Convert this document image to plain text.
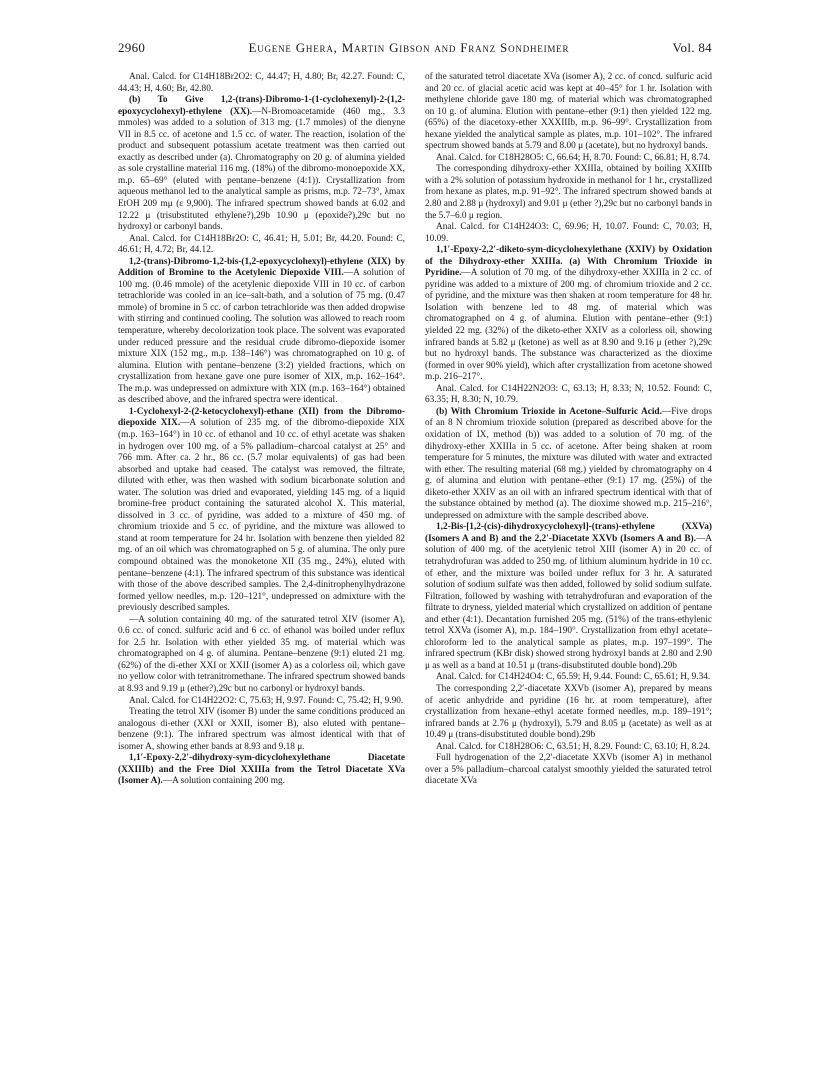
2960	Eugene Ghera, Martin Gibson and Franz Sondheimer	Vol. 84

Anal. Calcd. for C14H18Br2O2: C, 44.47; H, 4.80; Br, 42.27. Found: C, 44.43; H, 4.60; Br, 42.80.

(b) To Give 1,2-(trans)-Dibromo-1-(1-cyclohexenyl)-2-(1,2-epoxycyclohexyl)-ethylene (XX).—N-Bromoacetamide (460 mg., 3.3 mmoles) was added to a solution of 313 mg. (1.7 mmoles) of the dienyne VII in 8.5 cc. of acetone and 1.5 cc. of water. The reaction, isolation of the product and subsequent potassium acetate treatment was then carried out exactly as described under (a). Chromatography on 20 g. of alumina yielded as sole crystalline material 116 mg. (18%) of the dibromo-monoepoxide XX, m.p. 65–69° (eluted with pentane–benzene (4:1)). Crystallization from aqueous methanol led to the analytical sample as prisms, m.p. 72–73°, λmax EtOH 209 mμ (ε 9,900). The infrared spectrum showed bands at 6.02 and 12.22 μ (trisubstituted ethylene?),29b 10.90 μ (epoxide?),29c but no hydroxyl or carbonyl bands.

Anal. Calcd. for C14H18Br2O: C, 46.41; H, 5.01; Br, 44.20. Found: C, 46.61; H, 4.72; Br, 44.12.

1,2-(trans)-Dibromo-1,2-bis-(1,2-epoxycyclohexyl)-ethylene (XIX) by Addition of Bromine to the Acetylenic Diepoxide VIII.—A solution of 100 mg. (0.46 mmole) of the acetylenic diepoxide VIII in 10 cc. of carbon tetrachloride was cooled in an ice–salt-bath, and a solution of 75 mg. (0.47 mmole) of bromine in 5 cc. of carbon tetrachloride was then added dropwise with stirring and continued cooling. The solution was allowed to reach room temperature, whereby decolorization took place. The solvent was evaporated under reduced pressure and the residual crude dibromo-diepoxide isomer mixture XIX (152 mg., m.p. 138–146°) was chromatographed on 10 g. of alumina. Elution with pentane–benzene (3:2) yielded fractions, which on crystallization from hexane gave one pure isomer of XIX, m.p. 162–164°. The m.p. was undepressed on admixture with XIX (m.p. 163–164°) obtained as described above, and the infrared spectra were identical.

1-Cyclohexyl-2-(2-ketocyclohexyl)-ethane (XII) from the Dibromo-diepoxide XIX.—A solution of 235 mg. of the dibromo-diepoxide XIX (m.p. 163–164°) in 10 cc. of ethanol and 10 cc. of ethyl acetate was shaken in hydrogen over 100 mg. of a 5% palladium–charcoal catalyst at 25° and 766 mm. After ca. 2 hr., 86 cc. (5.7 molar equivalents) of gas had been absorbed and uptake had ceased. The catalyst was removed, the filtrate, diluted with ether, was then washed with sodium bicarbonate solution and water. The solution was dried and evaporated, yielding 145 mg. of a liquid bromine-free product containing the saturated alcohol X. This material, dissolved in 3 cc. of pyridine, was added to a mixture of 450 mg. of chromium trioxide and 5 cc. of pyridine, and the mixture was allowed to stand at room temperature for 24 hr. Isolation with benzene then yielded 82 mg. of an oil which was chromatographed on 5 g. of alumina. The only pure compound obtained was the monoketone XII (35 mg., 24%), eluted with pentane–benzene (4:1). The infrared spectrum of this substance was identical with those of the above described samples. The 2,4-dinitrophenylhydrazone formed yellow needles, m.p. 120–121°, undepressed on admixture with the previously described samples.

—A solution containing 40 mg. of the saturated tetrol XIV (isomer A), 0.6 cc. of concd. sulfuric acid and 6 cc. of ethanol was boiled under reflux for 2.5 hr. Isolation with ether yielded 35 mg. of material which was chromatographed on 4 g. of alumina. Pentane–benzene (9:1) eluted 21 mg. (62%) of the di-ether XXI or XXII (isomer A) as a colorless oil, which gave no yellow color with tetranitromethane. The infrared spectrum showed bands at 8.93 and 9.19 μ (ether?),29c but no carbonyl or hydroxyl bands.

Anal. Calcd. for C14H22O2: C, 75.63; H, 9.97. Found: C, 75.42; H, 9.90.

Treating the tetrol XIV (isomer B) under the same conditions produced an analogous di-ether (XXI or XXII, isomer B), also eluted with pentane–benzene (9:1). The infrared spectrum was almost identical with that of isomer A, showing ether bands at 8.93 and 9.18 μ.

1,1′-Epoxy-2,2′-dihydroxy-sym-dicyclohexylethane Diacetate (XXIIIb) and the Free Diol XXIIIa from the Tetrol Diacetate XVa (Isomer A).—A solution containing 200 mg.

of the saturated tetrol diacetate XVa (isomer A), 2 cc. of concd. sulfuric acid and 20 cc. of glacial acetic acid was kept at 40–45° for 1 hr. Isolation with methylene chloride gave 180 mg. of material which was chromatographed on 10 g. of alumina. Elution with pentane–ether (9:1) then yielded 122 mg. (65%) of the diacetoxy-ether XXXIIIb, m.p. 96–99°. Crystallization from hexane yielded the analytical sample as plates, m.p. 101–102°. The infrared spectrum showed bands at 5.79 and 8.00 μ (acetate), but no hydroxyl bands.

Anal. Calcd. for C18H28O5: C, 66.64; H, 8.70. Found: C, 66.81; H, 8.74.

The corresponding dihydroxy-ether XXIIIa, obtained by boiling XXIIIb with a 2% solution of potassium hydroxide in methanol for 1 hr., crystallized from hexane as plates, m.p. 91–92°. The infrared spectrum showed bands at 2.80 and 2.88 μ (hydroxyl) and 9.01 μ (ether ?),29c but no carbonyl bands in the 5.7–6.0 μ region.

Anal. Calcd. for C14H24O3: C, 69.96; H, 10.07. Found: C, 70.03; H, 10.09.

1,1′-Epoxy-2,2′-diketo-sym-dicyclohexylethane (XXIV) by Oxidation of the Dihydroxy-ether XXIIIa. (a) With Chromium Trioxide in Pyridine.—A solution of 70 mg. of the dihydroxy-ether XXIIIa in 2 cc. of pyridine was added to a mixture of 200 mg. of chromium trioxide and 2 cc. of pyridine, and the mixture was then shaken at room temperature for 48 hr. Isolation with benzene led to 48 mg. of material which was chromatographed on 4 g. of alumina. Elution with pentane–ether (9:1) yielded 22 mg. (32%) of the diketo-ether XXIV as a colorless oil, showing infrared bands at 5.82 μ (ketone) as well as at 8.90 and 9.16 μ (ether ?),29c but no hydroxyl bands. The substance was characterized as the dioxime (formed in over 90% yield), which after crystallization from acetone showed m.p. 216–217°.

Anal. Calcd. for C14H22N2O3: C, 63.13; H, 8.33; N, 10.52. Found: C, 63.35; H, 8.30; N, 10.79.

(b) With Chromium Trioxide in Acetone–Sulfuric Acid.—Five drops of an 8 N chromium trioxide solution (prepared as described above for the oxidation of IX, method (b)) was added to a solution of 70 mg. of the dihydroxy-ether XXIIIa in 5 cc. of acetone. After being shaken at room temperature for 5 minutes, the mixture was diluted with water and extracted with ether. The resulting material (68 mg.) yielded by chromatography on 4 g. of alumina and elution with pentane–ether (9:1) 17 mg. (25%) of the diketo-ether XXIV as an oil with an infrared spectrum identical with that of the substance obtained by method (a). The dioxime showed m.p. 215–216°, undepressed on admixture with the sample described above.

1,2-Bis-[1,2-(cis)-dihydroxycyclohexyl]-(trans)-ethylene (XXVa) (Isomers A and B) and the 2,2′-Diacetate XXVb (Isomers A and B).—A solution of 400 mg. of the acetylenic tetrol XIII (isomer A) in 20 cc. of tetrahydrofuran was added to 250 mg. of lithium aluminum hydride in 10 cc. of ether, and the mixture was boiled under reflux for 3 hr. A saturated solution of sodium sulfate was then added, followed by solid sodium sulfate. Filtration, followed by washing with tetrahydrofuran and evaporation of the filtrate to dryness, yielded material which crystallized on addition of pentane and ether (4:1). Decantation furnished 205 mg. (51%) of the trans-ethylenic tetrol XXVa (isomer A), m.p. 184–190°. Crystallization from ethyl acetate–chloroform led to the analytical sample as plates, m.p. 197–199°. The infrared spectrum (KBr disk) showed strong hydroxyl bands at 2.80 and 2.90 μ as well as a band at 10.51 μ (trans-disubstituted double bond).29b

Anal. Calcd. for C14H24O4: C, 65.59; H, 9.44. Found: C, 65.61; H, 9.34.

The corresponding 2,2′-diacetate XXVb (isomer A), prepared by means of acetic anhydride and pyridine (16 hr. at room temperature), after crystallization from hexane–ethyl acetate formed needles, m.p. 189–191°; infrared bands at 2.76 μ (hydroxyl), 5.79 and 8.05 μ (acetate) as well as at 10.49 μ (trans-disubstituted double bond).29b

Anal. Calcd. for C18H28O6: C, 63.51; H, 8.29. Found: C, 63.10; H, 8.24.

Full hydrogenation of the 2,2′-diacetate XXVb (isomer A) in methanol over a 5% palladium–charcoal catalyst smoothly yielded the saturated tetrol diacetate XVa
